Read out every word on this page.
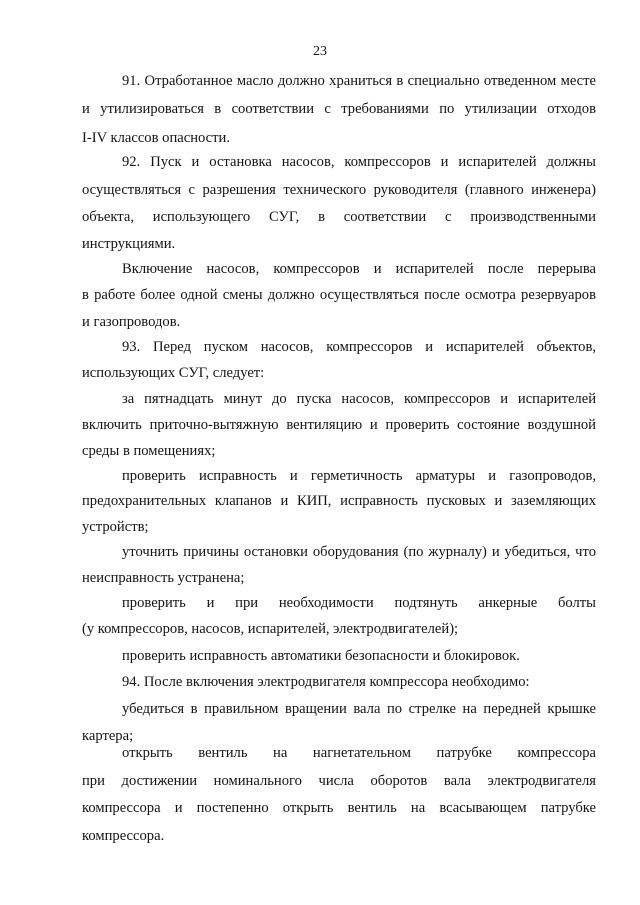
23
91. Отработанное масло должно храниться в специально отведенном месте
и утилизироваться в соответствии с требованиями по утилизации отходов
I-IV классов опасности.
92. Пуск и остановка насосов, компрессоров и испарителей должны
осуществляться с разрешения технического руководителя (главного инженера)
объекта, использующего СУГ, в соответствии с производственными
инструкциями.
Включение насосов, компрессоров и испарителей после перерыва
в работе более одной смены должно осуществляться после осмотра резервуаров
и газопроводов.
93. Перед пуском насосов, компрессоров и испарителей объектов,
использующих СУГ, следует:
за пятнадцать минут до пуска насосов, компрессоров и испарителей
включить приточно-вытяжную вентиляцию и проверить состояние воздушной
среды в помещениях;
проверить исправность и герметичность арматуры и газопроводов,
предохранительных клапанов и КИП, исправность пусковых и заземляющих
устройств;
уточнить причины остановки оборудования (по журналу) и убедиться, что
неисправность устранена;
проверить и при необходимости подтянуть анкерные болты
(у компрессоров, насосов, испарителей, электродвигателей);
проверить исправность автоматики безопасности и блокировок.
94. После включения электродвигателя компрессора необходимо:
убедиться в правильном вращении вала по стрелке на передней крышке
картера;
открыть вентиль на нагнетательном патрубке компрессора
при достижении номинального числа оборотов вала электродвигателя
компрессора и постепенно открыть вентиль на всасывающем патрубке
компрессора.
